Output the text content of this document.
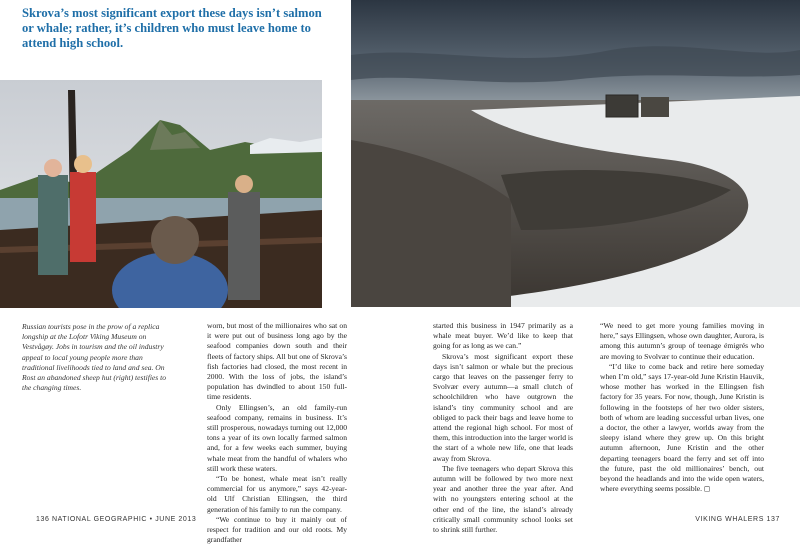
Skrova’s most significant export these days isn’t salmon or whale; rather, it’s children who must leave home to attend high school.
Russian tourists pose in the prow of a replica longship at the Lofotr Viking Museum on Vestvågøy. Jobs in tourism and the oil industry appeal to local young people more than traditional livelihoods tied to land and sea. On Rost an abandoned sheep hut (right) testifies to the changing times.

worn, but most of the millionaires who sat on it were put out of business long ago by the seafood companies down south and their fleets of factory ships. All but one of Skrova’s fish factories had closed, the most recent in 2000. With the loss of jobs, the island’s population has dwindled to about 150 full-time residents.

Only Ellingsen’s, an old family-run seafood company, remains in business. It’s still prosperous, nowadays turning out 12,000 tons a year of its own locally farmed salmon and, for a few weeks each summer, buying whale meat from the handful of whalers who still work these waters.

“To be honest, whale meat isn’t really commercial for us anymore,” says 42-year-old Ulf Christian Ellingsen, the third generation of his family to run the company.

“We continue to buy it mainly out of respect for tradition and our old roots. My grandfather

started this business in 1947 primarily as a whale meat buyer. We’d like to keep that going for as long as we can.”

Skrova’s most significant export these days isn’t salmon or whale but the precious cargo that leaves on the passenger ferry to Svolvær every autumn—a small clutch of schoolchildren who have outgrown the island’s tiny community school and are obliged to pack their bags and leave home to attend the regional high school. For most of them, this introduction into the larger world is the start of a whole new life, one that leads away from Skrova.

The five teenagers who depart Skrova this autumn will be followed by two more next year and another three the year after. And with no youngsters entering school at the other end of the line, the island’s already critically small community school looks set to shrink still further.

“We need to get more young families moving in here,” says Ellingsen, whose own daughter, Aurora, is among this autumn’s group of teenage émigrés who are moving to Svolvær to continue their education.

“I’d like to come back and retire here someday when I’m old,” says 17-year-old June Kristin Hauvik, whose mother has worked in the Ellingsen fish factory for 35 years. For now, though, June Kristin is following in the footsteps of her two older sisters, both of whom are leading successful urban lives, one a doctor, the other a lawyer, worlds away from the sleepy island where they grew up. On this bright autumn afternoon, June Kristin and the other departing teenagers board the ferry and set off into the future, past the old millionaires’ bench, out beyond the headlands and into the wide open waters, where everything seems possible. ◻

136 NATIONAL GEOGRAPHIC • JUNE 2013	VIKING WHALERS 137
